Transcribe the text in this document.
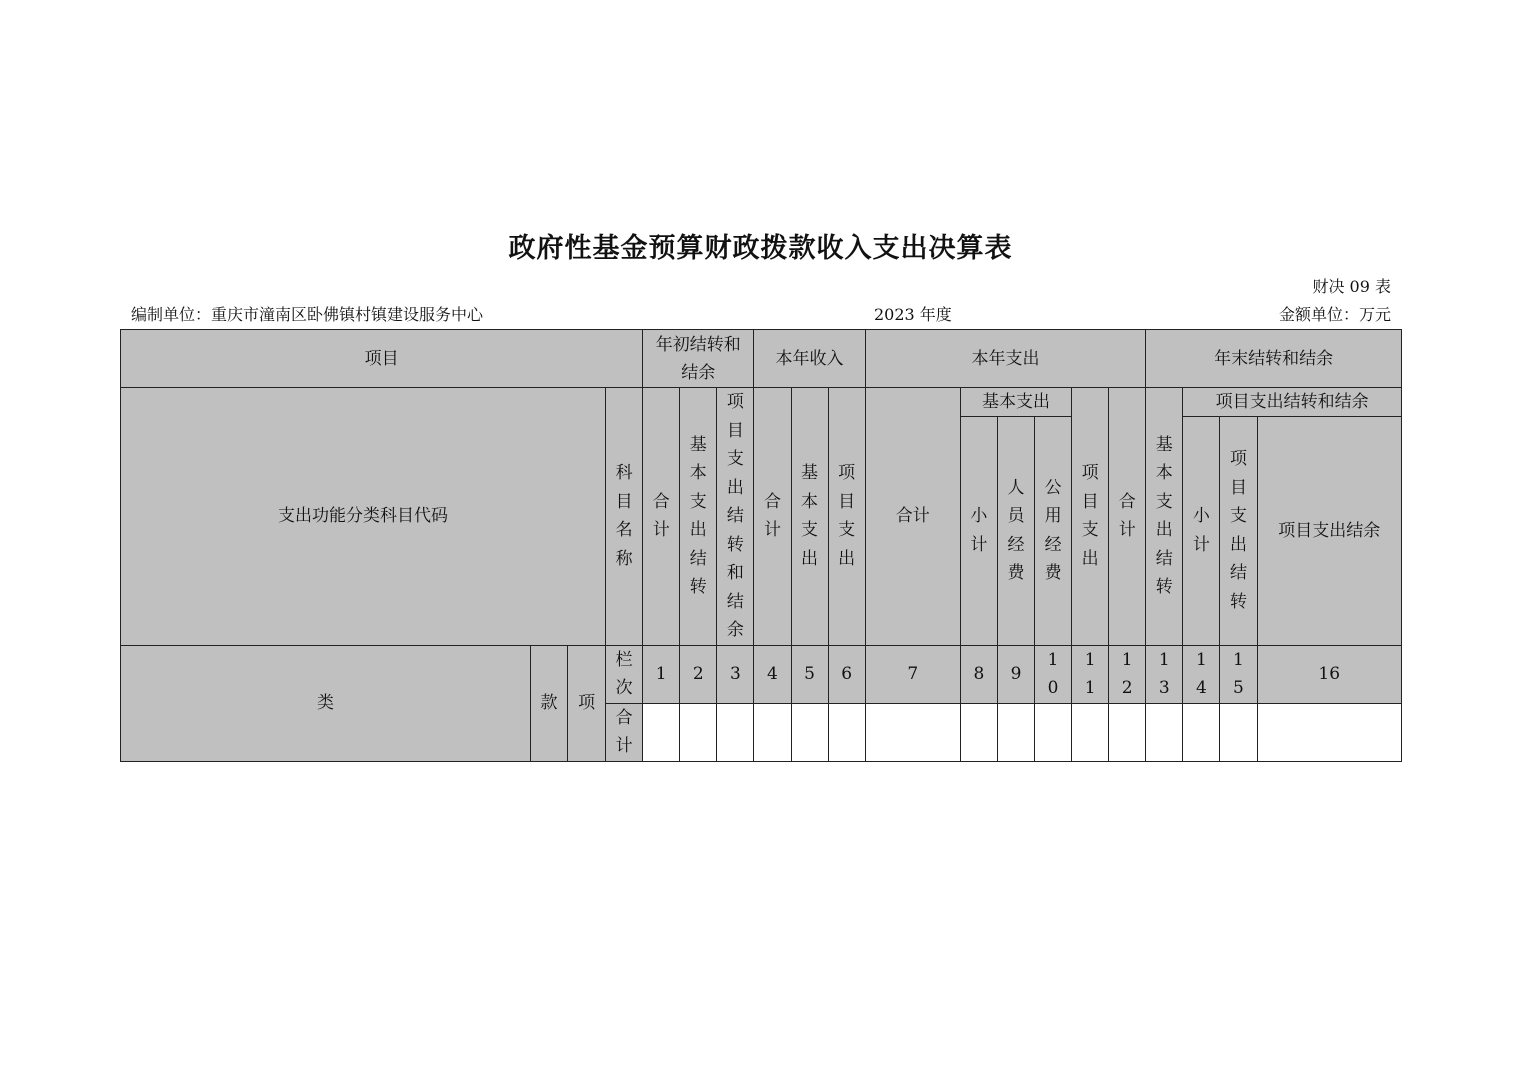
政府性基金预算财政拨款收入支出决算表
财决 09 表
编制单位：重庆市潼南区卧佛镇村镇建设服务中心	2023 年度	金额单位：万元
项目				年初结转和结余			本年收入			本年支出						年末结转和结余			
支出功能分类科目代码			科目名称	合计	基本支出结转	项目支出结转和结余	合计	基本支出	项目支出	合计	基本支出			项目支出	合计	基本支出结转	项目支出结转和结余		
											小计	人员经费	公用经费				小计	项目支出结转	项目支出结余
类	款	项	栏次	1	2	3	4	5	6	7	8	9	10	11	12	13	14	15	16
			合计																
